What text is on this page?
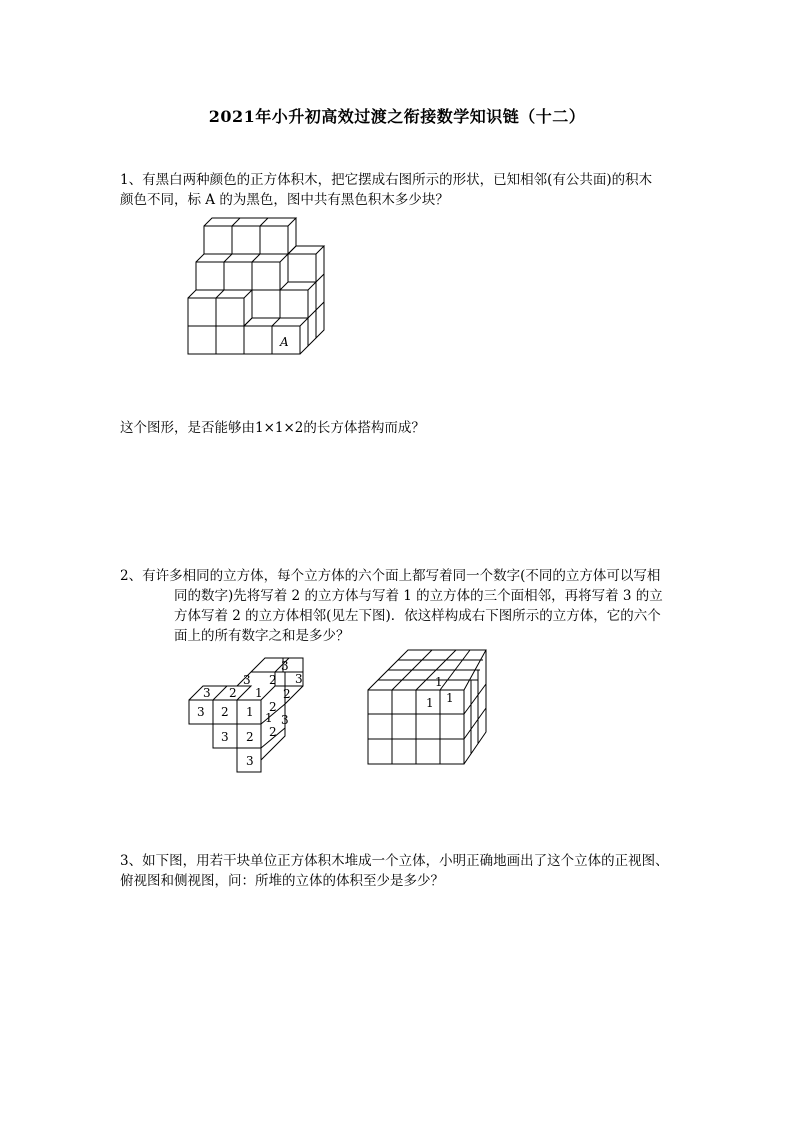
2021年小升初高效过渡之衔接数学知识链（十二）
1、有黑白两种颜色的正方体积木，把它摆成右图所示的形状，已知相邻(有公共面)的积木
颜色不同，标 A 的为黑色，图中共有黑色积木多少块？
A
这个图形，是否能够由1×1×2的长方体搭构而成？
2、有许多相同的立方体，每个立方体的六个面上都写着同一个数字(不同的立方体可以写相
同的数字)先将写着 2 的立方体与写着 1 的立方体的三个面相邻，再将写着 3 的立
方体写着 2 的立方体相邻(见左下图)．依这样构成右下图所示的立方体，它的六个
面上的所有数字之和是多少？
3
3
2
3
2
1
2
3
2
1 1
3 2
3
3 2 2
3
1
1 1
3、如下图，用若干块单位正方体积木堆成一个立体，小明正确地画出了这个立体的正视图、
俯视图和侧视图，问：所堆的立体的体积至少是多少？
